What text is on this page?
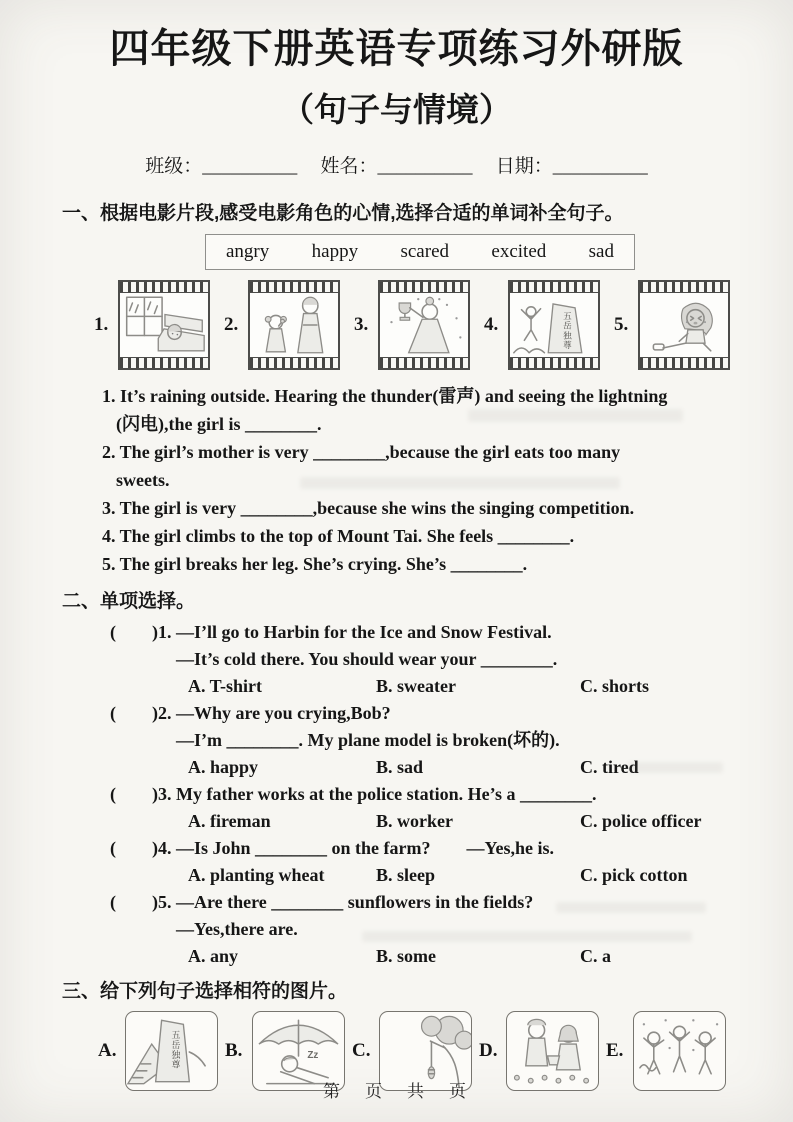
四年级下册英语专项练习外研版
（句子与情境）
班级：__________ 姓名：__________ 日期：__________
一、根据电影片段,感受电影角色的心情,选择合适的单词补全句子。
angry happy scared excited sad
1.	2.	3.	4.	五岳独尊 5.
1. It’s raining outside. Hearing the thunder(雷声) and seeing the lightning
(闪电),the girl is ________.
2. The girl’s mother is very ________,because the girl eats too many
sweets.
3. The girl is very ________,because she wins the singing competition.
4. The girl climbs to the top of Mount Tai. She feels ________.
5. The girl breaks her leg. She’s crying. She’s ________.
二、单项选择。
(　　)1. —I’ll go to Harbin for the Ice and Snow Festival.
—It’s cold there. You should wear your ________.
A. T-shirt	B. sweater	C. shorts
(　　)2. —Why are you crying,Bob?
—I’m ________. My plane model is broken(坏的).
A. happy	B. sad	C. tired
(　　)3. My father works at the police station. He’s a ________.
A. fireman	B. worker	C. police officer
(　　)4. —Is John ________ on the farm?　　—Yes,he is.
A. planting wheat	B. sleep	C. pick cotton
(　　)5. —Are there ________ sunflowers in the fields?
—Yes,there are.
A. any	B. some	C. a
三、给下列句子选择相符的图片。
A.	五岳独尊 B.	Zz C.	D.	E.
第　页　共　页
